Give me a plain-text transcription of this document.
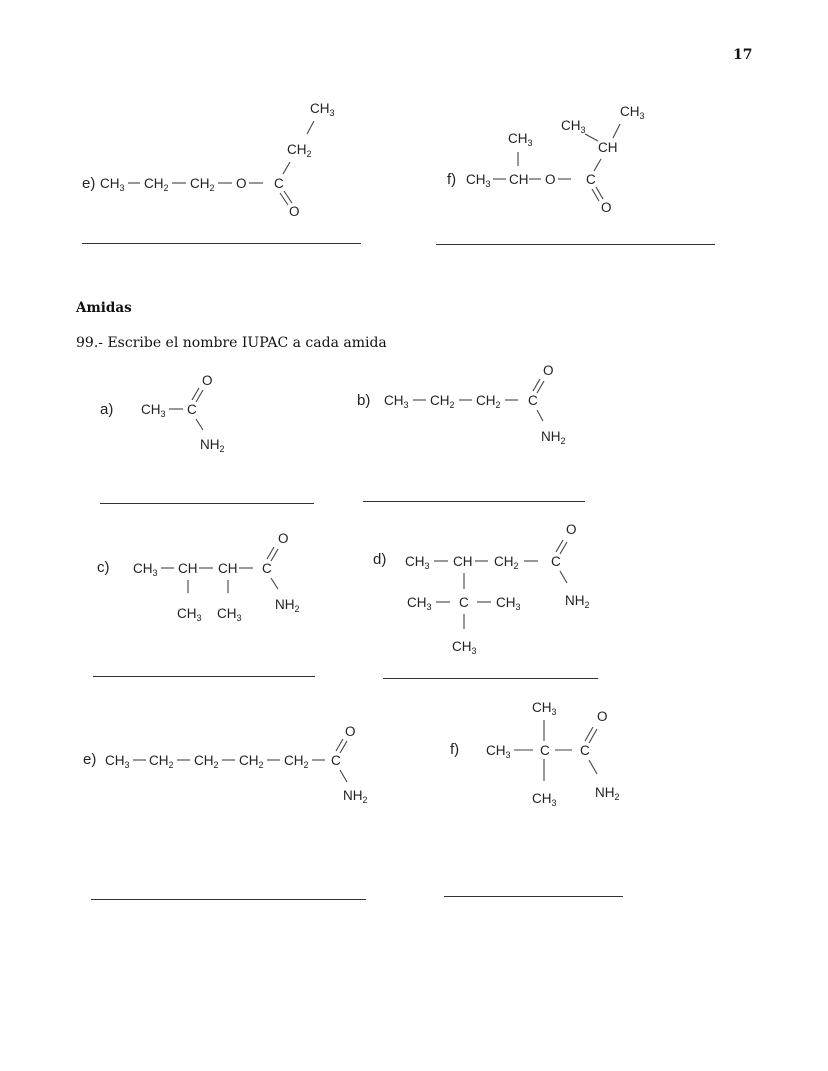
17
e) $CH_3$ $CH_2$ $CH_2$ O C
O
$CH_2$
$CH_3$
f) $CH_3$ CH
$CH_3$
O C
O
CH
$CH_3$
$CH_3$
Amidas
99.- Escribe el nombre IUPAC a cada amida
a) $CH_3$ C
O
$NH_2$
b) $CH_3$ $CH_2$ $CH_2$ C
O
$NH_2$
c) $CH_3$ CH
$CH_3$
CH
$CH_3$
C
O
$NH_2$
d) $CH_3$ CH $CH_2$ C
O
$NH_2$
$CH_3$ C $CH_3$
$CH_3$
e) $CH_3$ $CH_2$ $CH_2$ $CH_2$ $CH_2$ C
O
$NH_2$
f) $CH_3$ C
$CH_3$
$CH_3$
C
O
$NH_2$
